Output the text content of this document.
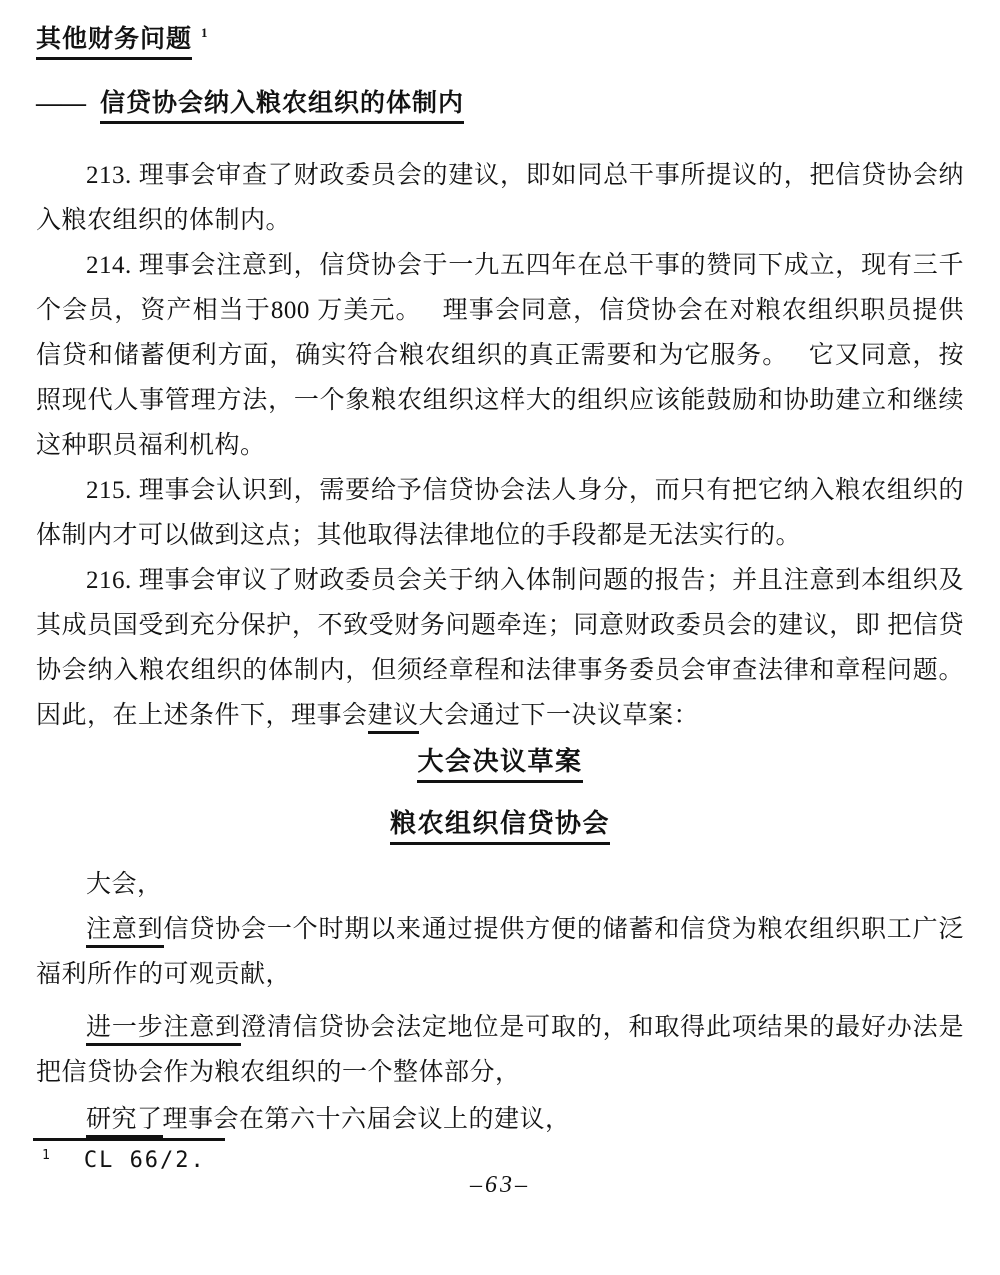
其他财务问题 $^1$
—— 信贷协会纳入粮农组织的体制内

213. 理事会审查了财政委员会的建议，即如同总干事所提议的，把信贷协会纳入粮农组织的体制内。

214. 理事会注意到，信贷协会于一九五四年在总干事的赞同下成立，现有三千个会员，资产相当于800 万美元。　 理事会同意，信贷协会在对粮农组织职员提供信贷和储蓄便利方面，确实符合粮农组织的真正需要和为它服务。　 它又同意，按照现代人事管理方法，一个象粮农组织这样大的组织应该能鼓励和协助建立和继续这种职员福利机构。

215. 理事会认识到，需要给予信贷协会法人身分，而只有把它纳入粮农组织的体制内才可以做到这点；其他取得法律地位的手段都是无法实行的。

216. 理事会审议了财政委员会关于纳入体制问题的报告；并且注意到本组织及其成员国受到充分保护，不致受财务问题牵连；同意财政委员会的建议，即 把信贷协会纳入粮农组织的体制内，但须经章程和法律事务委员会审查法律和章程问题。因此，在上述条件下，理事会建议大会通过下一决议草案：

大会决议草案
粮农组织信贷协会

大会，

注意到信贷协会一个时期以来通过提供方便的储蓄和信贷为粮农组织职工广泛福利所作的可观贡献，

进一步注意到澄清信贷协会法定地位是可取的，和取得此项结果的最好办法是把信贷协会作为粮农组织的一个整体部分，

研究了理事会在第六十六届会议上的建议，

$^1$ CL 66/2.
–63–
